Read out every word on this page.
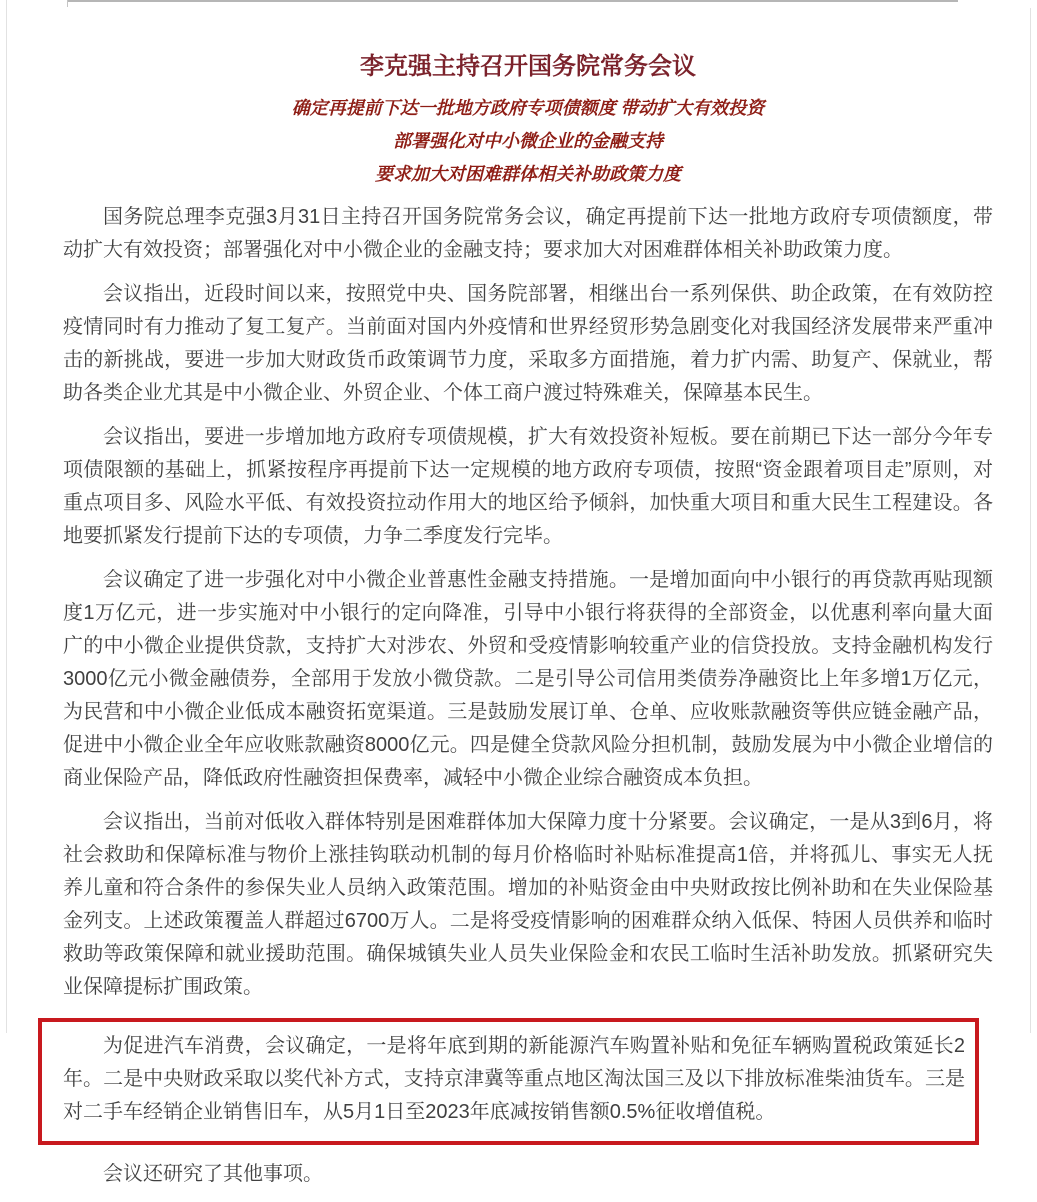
李克强主持召开国务院常务会议

确定再提前下达一批地方政府专项债额度 带动扩大有效投资

部署强化对中小微企业的金融支持

要求加大对困难群体相关补助政策力度

国务院总理李克强3月31日主持召开国务院常务会议，确定再提前下达一批地方政府专项债额度，带动扩大有效投资；部署强化对中小微企业的金融支持；要求加大对困难群体相关补助政策力度。

会议指出，近段时间以来，按照党中央、国务院部署，相继出台一系列保供、助企政策，在有效防控疫情同时有力推动了复工复产。当前面对国内外疫情和世界经贸形势急剧变化对我国经济发展带来严重冲击的新挑战，要进一步加大财政货币政策调节力度，采取多方面措施，着力扩内需、助复产、保就业，帮助各类企业尤其是中小微企业、外贸企业、个体工商户渡过特殊难关，保障基本民生。

会议指出，要进一步增加地方政府专项债规模，扩大有效投资补短板。要在前期已下达一部分今年专项债限额的基础上，抓紧按程序再提前下达一定规模的地方政府专项债，按照“资金跟着项目走”原则，对重点项目多、风险水平低、有效投资拉动作用大的地区给予倾斜，加快重大项目和重大民生工程建设。各地要抓紧发行提前下达的专项债，力争二季度发行完毕。

会议确定了进一步强化对中小微企业普惠性金融支持措施。一是增加面向中小银行的再贷款再贴现额度1万亿元，进一步实施对中小银行的定向降准，引导中小银行将获得的全部资金，以优惠利率向量大面广的中小微企业提供贷款，支持扩大对涉农、外贸和受疫情影响较重产业的信贷投放。支持金融机构发行3000亿元小微金融债券，全部用于发放小微贷款。二是引导公司信用类债券净融资比上年多增1万亿元，为民营和中小微企业低成本融资拓宽渠道。三是鼓励发展订单、仓单、应收账款融资等供应链金融产品，促进中小微企业全年应收账款融资8000亿元。四是健全贷款风险分担机制，鼓励发展为中小微企业增信的商业保险产品，降低政府性融资担保费率，减轻中小微企业综合融资成本负担。

会议指出，当前对低收入群体特别是困难群体加大保障力度十分紧要。会议确定，一是从3到6月，将社会救助和保障标准与物价上涨挂钩联动机制的每月价格临时补贴标准提高1倍，并将孤儿、事实无人抚养儿童和符合条件的参保失业人员纳入政策范围。增加的补贴资金由中央财政按比例补助和在失业保险基金列支。上述政策覆盖人群超过6700万人。二是将受疫情影响的困难群众纳入低保、特困人员供养和临时救助等政策保障和就业援助范围。确保城镇失业人员失业保险金和农民工临时生活补助发放。抓紧研究失业保障提标扩围政策。

为促进汽车消费，会议确定，一是将年底到期的新能源汽车购置补贴和免征车辆购置税政策延长2年。二是中央财政采取以奖代补方式，支持京津冀等重点地区淘汰国三及以下排放标准柴油货车。三是对二手车经销企业销售旧车，从5月1日至2023年底减按销售额0.5%征收增值税。

会议还研究了其他事项。
